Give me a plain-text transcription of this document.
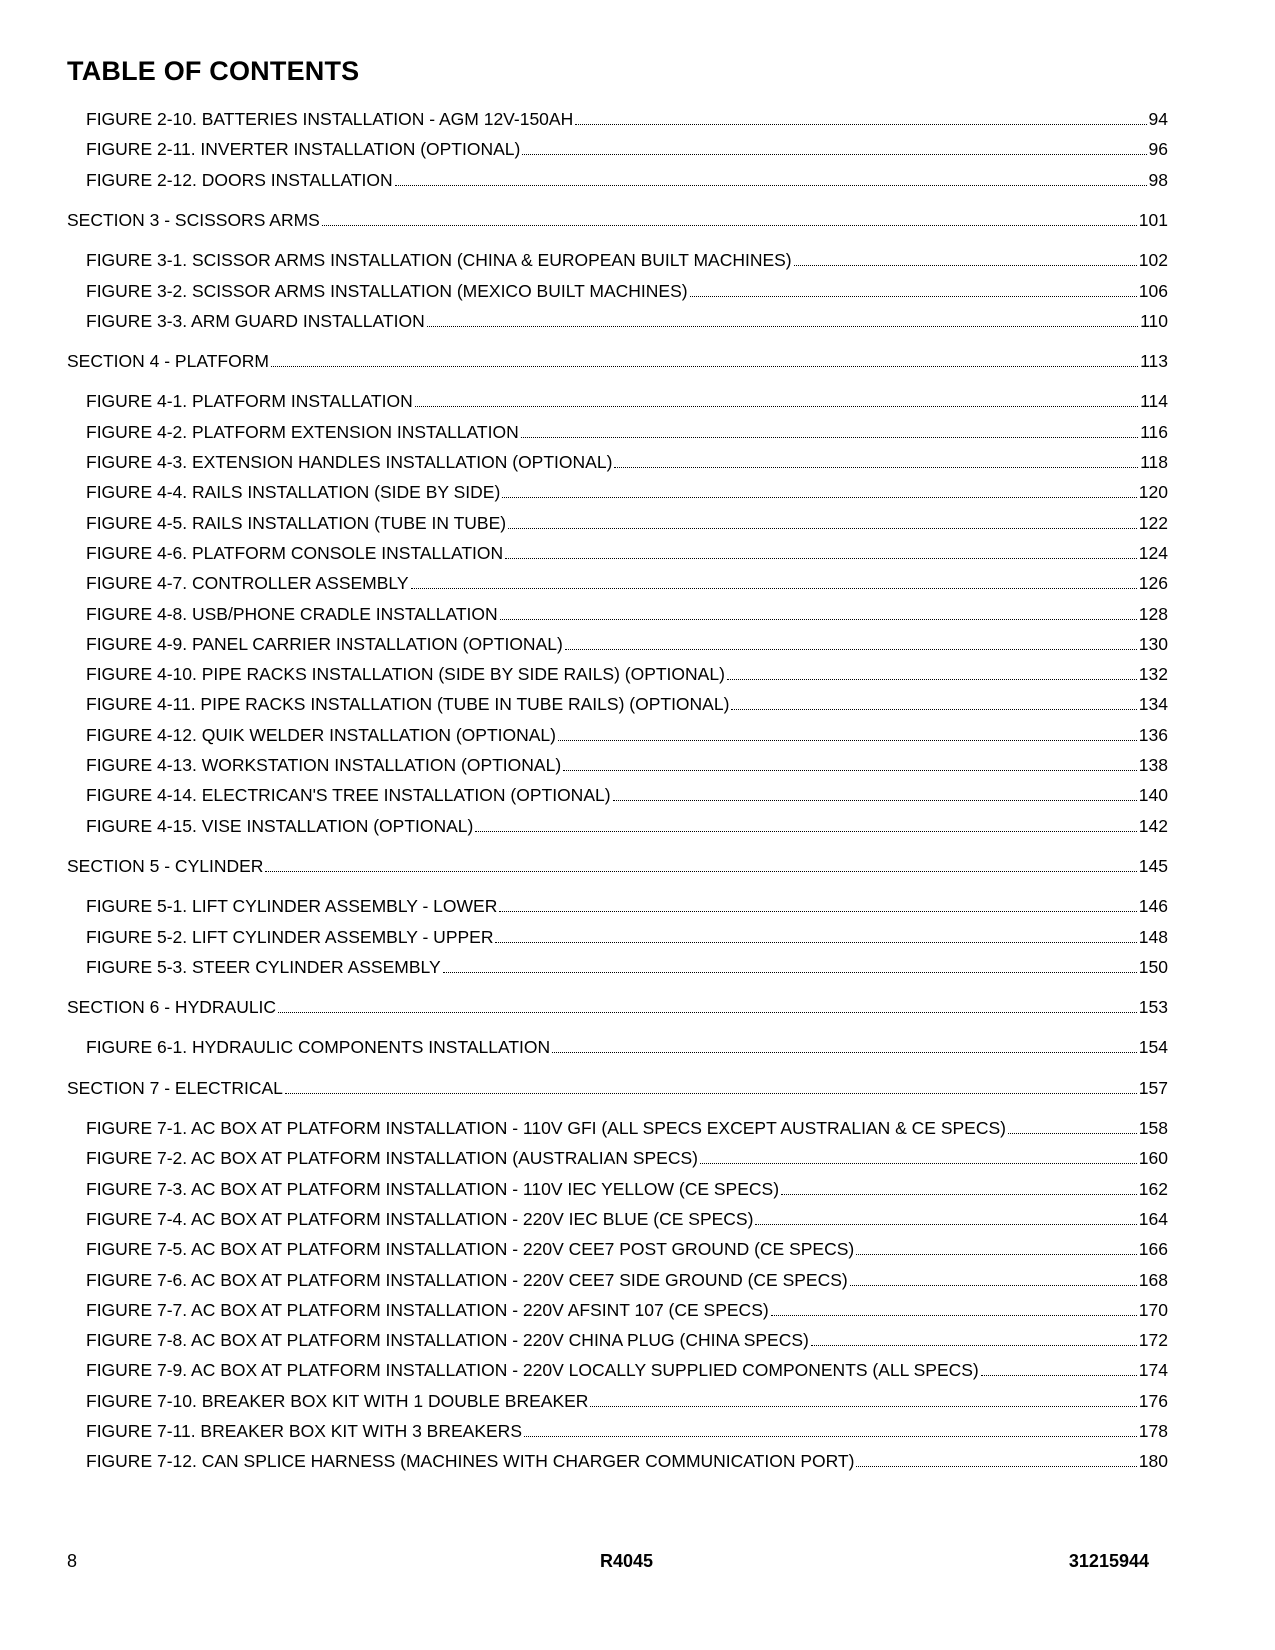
TABLE OF CONTENTS
FIGURE 2-10. BATTERIES INSTALLATION - AGM 12V-150AH	94
FIGURE 2-11. INVERTER INSTALLATION (OPTIONAL)	96
FIGURE 2-12. DOORS INSTALLATION	98
SECTION 3 - SCISSORS ARMS	101
FIGURE 3-1. SCISSOR ARMS INSTALLATION (CHINA & EUROPEAN BUILT MACHINES)	102
FIGURE 3-2. SCISSOR ARMS INSTALLATION (MEXICO BUILT MACHINES)	106
FIGURE 3-3. ARM GUARD INSTALLATION	110
SECTION 4 - PLATFORM	113
FIGURE 4-1. PLATFORM INSTALLATION	114
FIGURE 4-2. PLATFORM EXTENSION INSTALLATION	116
FIGURE 4-3. EXTENSION HANDLES INSTALLATION (OPTIONAL)	118
FIGURE 4-4. RAILS INSTALLATION (SIDE BY SIDE)	120
FIGURE 4-5. RAILS INSTALLATION (TUBE IN TUBE)	122
FIGURE 4-6. PLATFORM CONSOLE INSTALLATION	124
FIGURE 4-7. CONTROLLER ASSEMBLY	126
FIGURE 4-8. USB/PHONE CRADLE INSTALLATION	128
FIGURE 4-9. PANEL CARRIER INSTALLATION (OPTIONAL)	130
FIGURE 4-10. PIPE RACKS INSTALLATION (SIDE BY SIDE RAILS) (OPTIONAL)	132
FIGURE 4-11. PIPE RACKS INSTALLATION (TUBE IN TUBE RAILS) (OPTIONAL)	134
FIGURE 4-12. QUIK WELDER INSTALLATION (OPTIONAL)	136
FIGURE 4-13. WORKSTATION INSTALLATION (OPTIONAL)	138
FIGURE 4-14. ELECTRICAN'S TREE INSTALLATION (OPTIONAL)	140
FIGURE 4-15. VISE INSTALLATION (OPTIONAL)	142
SECTION 5 - CYLINDER	145
FIGURE 5-1. LIFT CYLINDER ASSEMBLY - LOWER	146
FIGURE 5-2. LIFT CYLINDER ASSEMBLY - UPPER	148
FIGURE 5-3. STEER CYLINDER ASSEMBLY	150
SECTION 6 - HYDRAULIC	153
FIGURE 6-1. HYDRAULIC COMPONENTS INSTALLATION	154
SECTION 7 - ELECTRICAL	157
FIGURE 7-1. AC BOX AT PLATFORM INSTALLATION - 110V GFI (ALL SPECS EXCEPT AUSTRALIAN & CE SPECS)	158
FIGURE 7-2. AC BOX AT PLATFORM INSTALLATION (AUSTRALIAN SPECS)	160
FIGURE 7-3. AC BOX AT PLATFORM INSTALLATION - 110V IEC YELLOW (CE SPECS)	162
FIGURE 7-4. AC BOX AT PLATFORM INSTALLATION - 220V IEC BLUE (CE SPECS)	164
FIGURE 7-5. AC BOX AT PLATFORM INSTALLATION - 220V CEE7 POST GROUND (CE SPECS)	166
FIGURE 7-6. AC BOX AT PLATFORM INSTALLATION - 220V CEE7 SIDE GROUND (CE SPECS)	168
FIGURE 7-7. AC BOX AT PLATFORM INSTALLATION - 220V AFSINT 107 (CE SPECS)	170
FIGURE 7-8. AC BOX AT PLATFORM INSTALLATION - 220V CHINA PLUG (CHINA SPECS)	172
FIGURE 7-9. AC BOX AT PLATFORM INSTALLATION - 220V LOCALLY SUPPLIED COMPONENTS (ALL SPECS)	174
FIGURE 7-10. BREAKER BOX KIT WITH 1 DOUBLE BREAKER	176
FIGURE 7-11. BREAKER BOX KIT WITH 3 BREAKERS	178
FIGURE 7-12. CAN SPLICE HARNESS (MACHINES WITH CHARGER COMMUNICATION PORT)	180
8	R4045	31215944
